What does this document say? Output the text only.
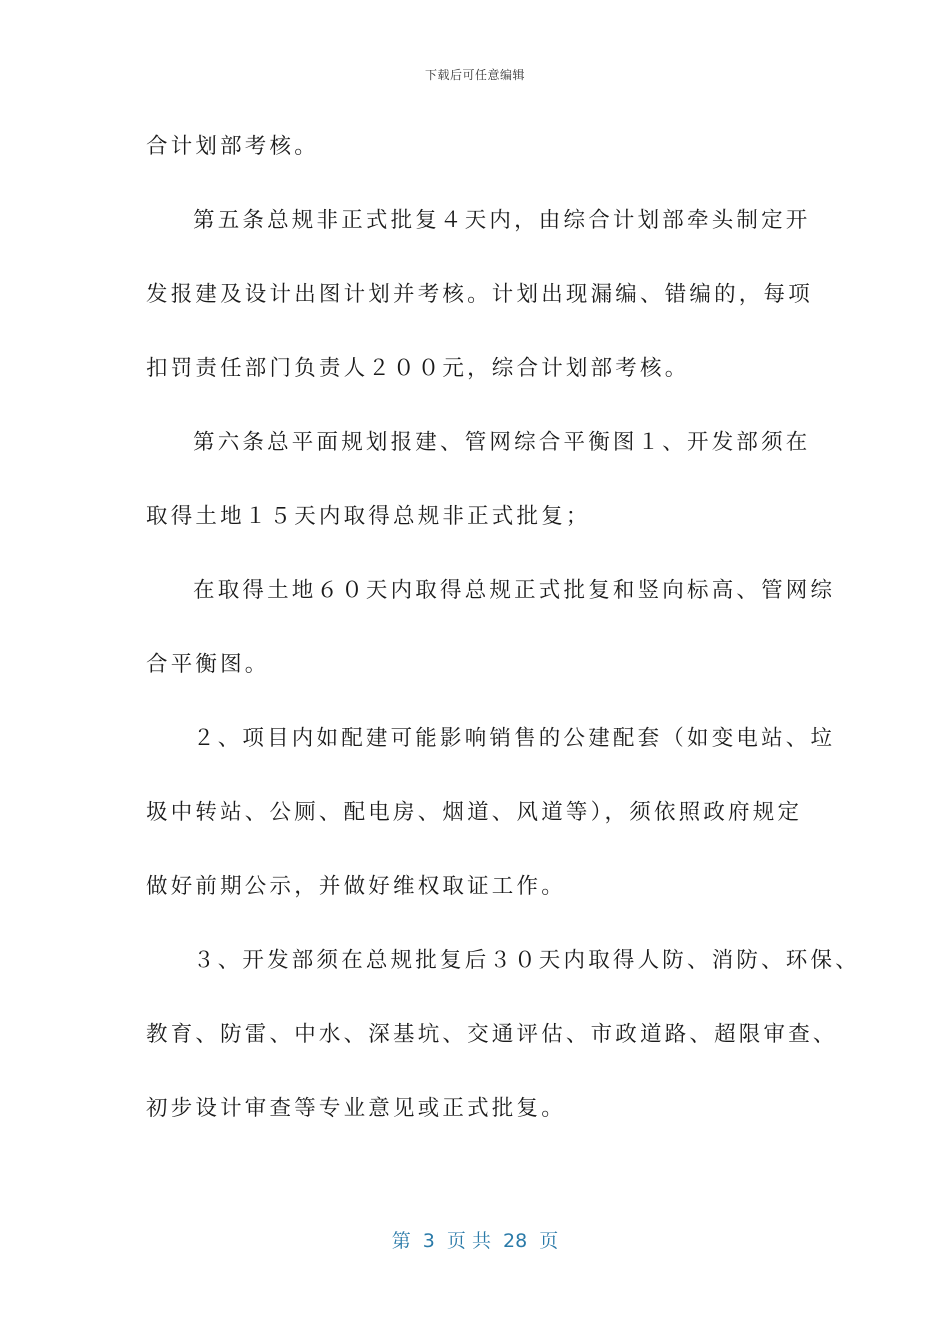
下载后可任意编辑
合计划部考核。
第五条总规非正式批复４天内，由综合计划部牵头制定开
发报建及设计出图计划并考核。计划出现漏编、错编的，每项
扣罚责任部门负责人２００元，综合计划部考核。
第六条总平面规划报建、管网综合平衡图１、开发部须在
取得土地１５天内取得总规非正式批复；
在取得土地６０天内取得总规正式批复和竖向标高、管网综
合平衡图。
２、项目内如配建可能影响销售的公建配套（如变电站、垃
圾中转站、公厕、配电房、烟道、风道等），须依照政府规定
做好前期公示，并做好维权取证工作。
３、开发部须在总规批复后３０天内取得人防、消防、环保、
教育、防雷、中水、深基坑、交通评估、市政道路、超限审查、
初步设计审查等专业意见或正式批复。
第  3  页 共  28  页
